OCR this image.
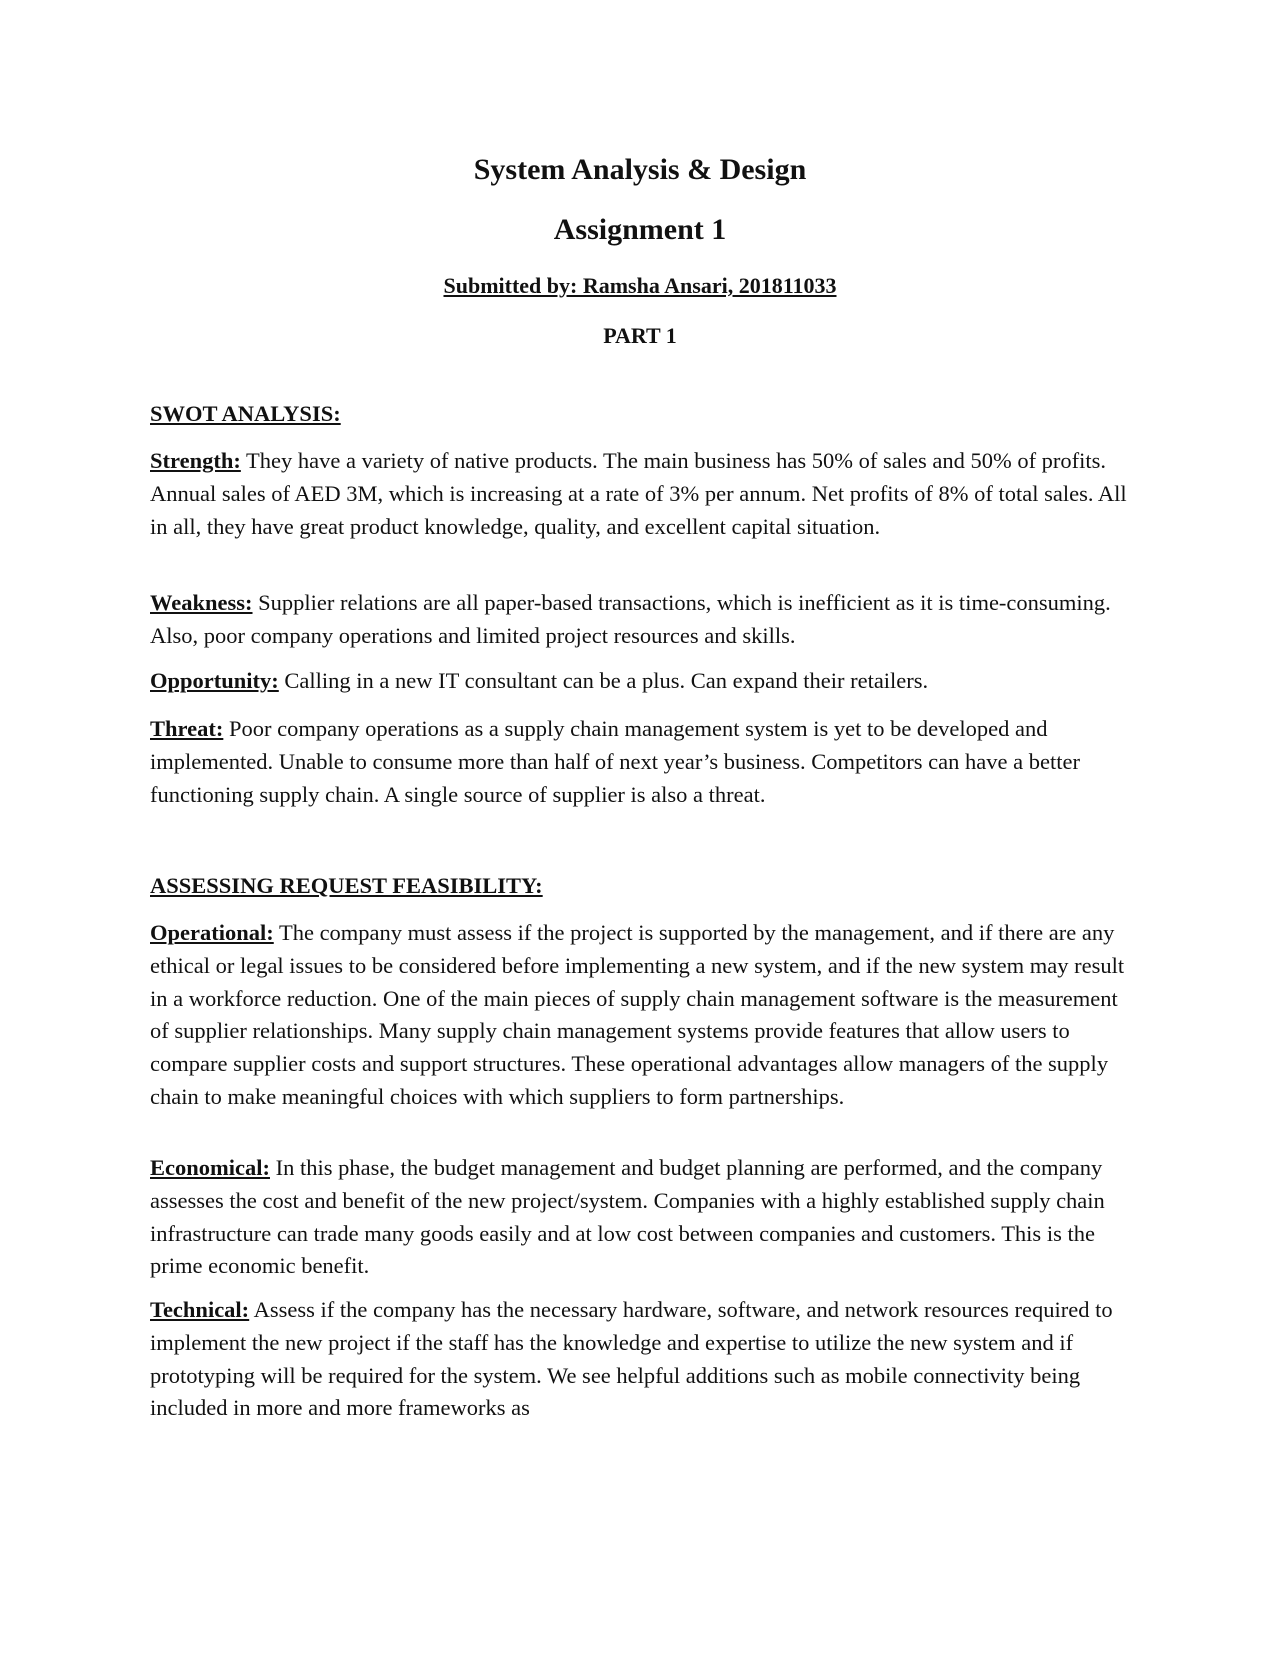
System Analysis & Design
Assignment 1
Submitted by: Ramsha Ansari, 201811033
PART 1

SWOT ANALYSIS:

Strength: They have a variety of native products. The main business has 50% of sales and 50% of profits. Annual sales of AED 3M, which is increasing at a rate of 3% per annum. Net profits of 8% of total sales. All in all, they have great product knowledge, quality, and excellent capital situation.

Weakness: Supplier relations are all paper-based transactions, which is inefficient as it is time-consuming. Also, poor company operations and limited project resources and skills.

Opportunity: Calling in a new IT consultant can be a plus. Can expand their retailers.

Threat: Poor company operations as a supply chain management system is yet to be developed and implemented. Unable to consume more than half of next year’s business. Competitors can have a better functioning supply chain. A single source of supplier is also a threat.

ASSESSING REQUEST FEASIBILITY:

Operational: The company must assess if the project is supported by the management, and if there are any ethical or legal issues to be considered before implementing a new system, and if the new system may result in a workforce reduction. One of the main pieces of supply chain management software is the measurement of supplier relationships. Many supply chain management systems provide features that allow users to compare supplier costs and support structures. These operational advantages allow managers of the supply chain to make meaningful choices with which suppliers to form partnerships.

Economical: In this phase, the budget management and budget planning are performed, and the company assesses the cost and benefit of the new project/system. Companies with a highly established supply chain infrastructure can trade many goods easily and at low cost between companies and customers. This is the prime economic benefit.

Technical: Assess if the company has the necessary hardware, software, and network resources required to implement the new project if the staff has the knowledge and expertise to utilize the new system and if prototyping will be required for the system. We see helpful additions such as mobile connectivity being included in more and more frameworks as
